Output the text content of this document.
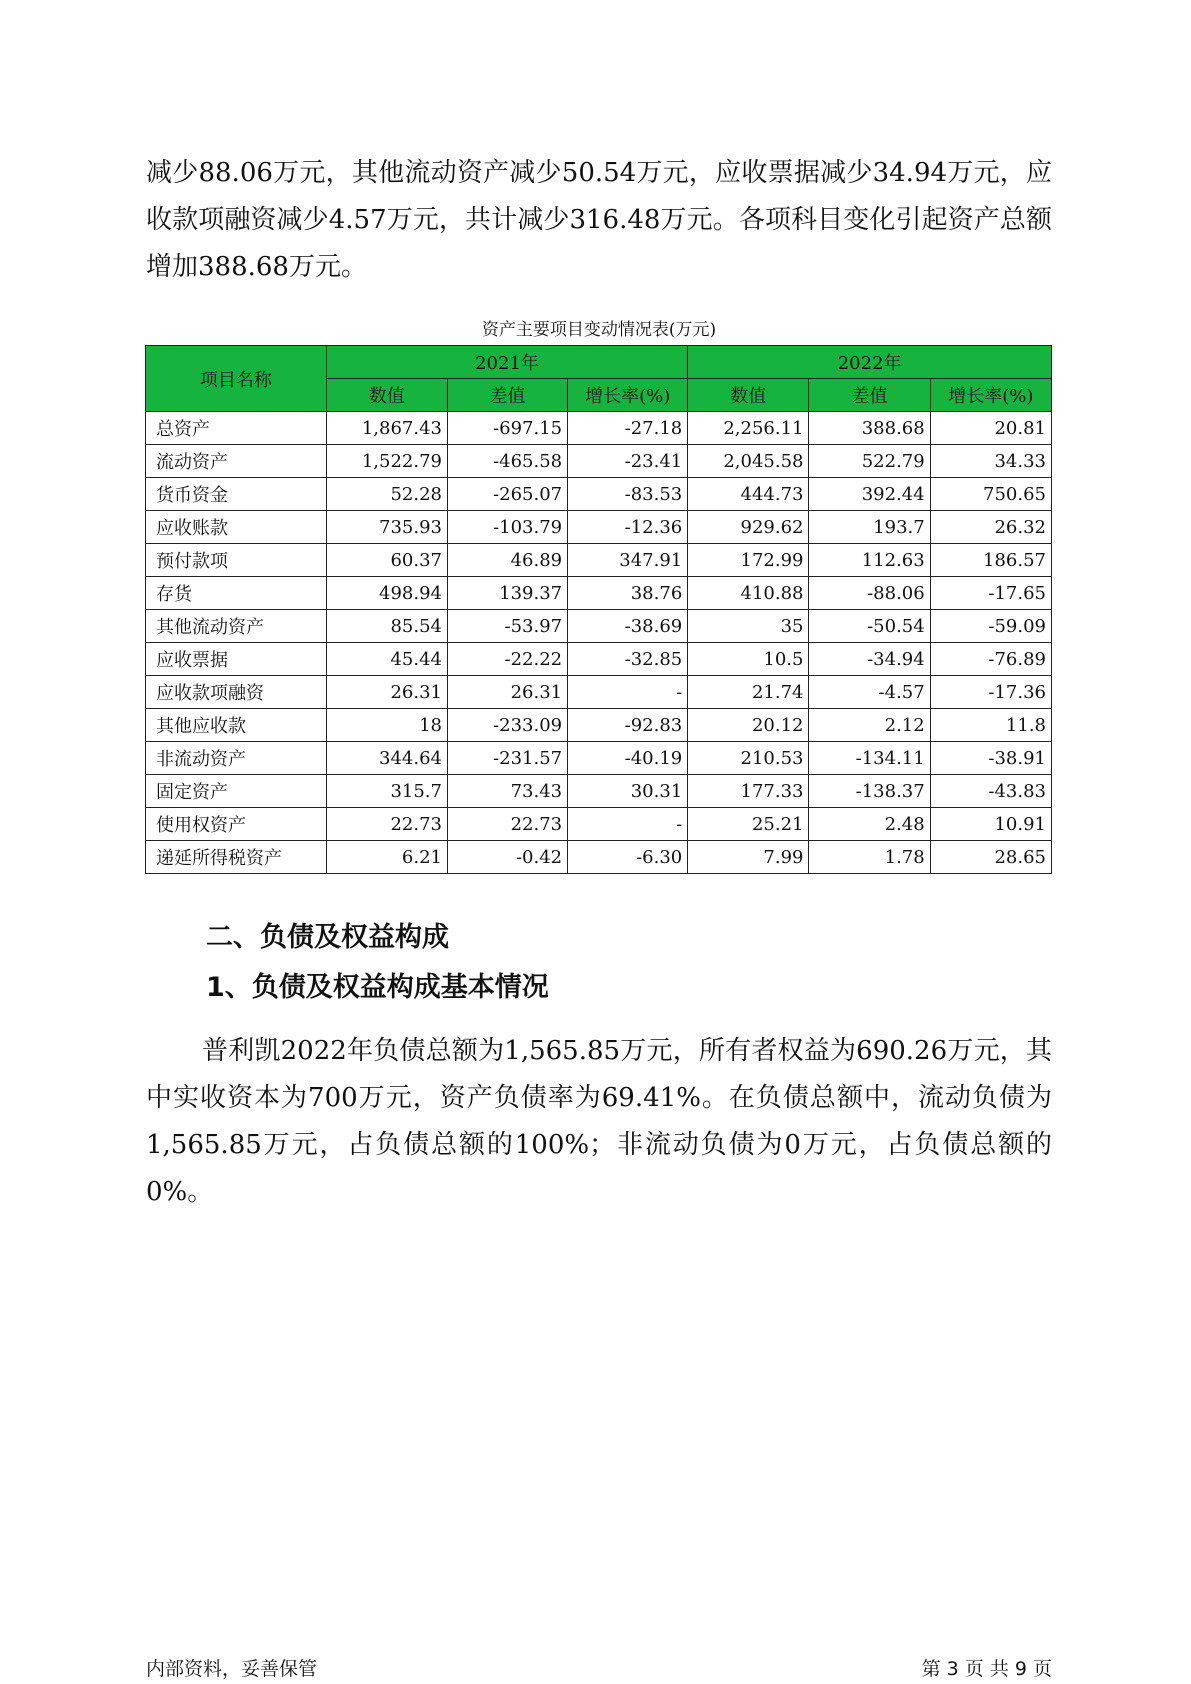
减少88.06万元，其他流动资产减少50.54万元，应收票据减少34.94万元，应收款项融资减少4.57万元，共计减少316.48万元。各项科目变化引起资产总额增加388.68万元。

资产主要项目变动情况表(万元)
项目名称	2021年			2022年		
	数值	差值	增长率(%)	数值	差值	增长率(%)
总资产	1,867.43	-697.15	-27.18	2,256.11	388.68	20.81
流动资产	1,522.79	-465.58	-23.41	2,045.58	522.79	34.33
货币资金	52.28	-265.07	-83.53	444.73	392.44	750.65
应收账款	735.93	-103.79	-12.36	929.62	193.7	26.32
预付款项	60.37	46.89	347.91	172.99	112.63	186.57
存货	498.94	139.37	38.76	410.88	-88.06	-17.65
其他流动资产	85.54	-53.97	-38.69	35	-50.54	-59.09
应收票据	45.44	-22.22	-32.85	10.5	-34.94	-76.89
应收款项融资	26.31	26.31	-	21.74	-4.57	-17.36
其他应收款	18	-233.09	-92.83	20.12	2.12	11.8
非流动资产	344.64	-231.57	-40.19	210.53	-134.11	-38.91
固定资产	315.7	73.43	30.31	177.33	-138.37	-43.83
使用权资产	22.73	22.73	-	25.21	2.48	10.91
递延所得税资产	6.21	-0.42	-6.30	7.99	1.78	28.65
二、负债及权益构成
1、负债及权益构成基本情况

普利凯2022年负债总额为1,565.85万元，所有者权益为690.26万元，其中实收资本为700万元，资产负债率为69.41%。在负债总额中，流动负债为1,565.85万元，占负债总额的100%；非流动负债为0万元，占负债总额的0%。

内部资料，妥善保管	第 3 页 共 9 页
